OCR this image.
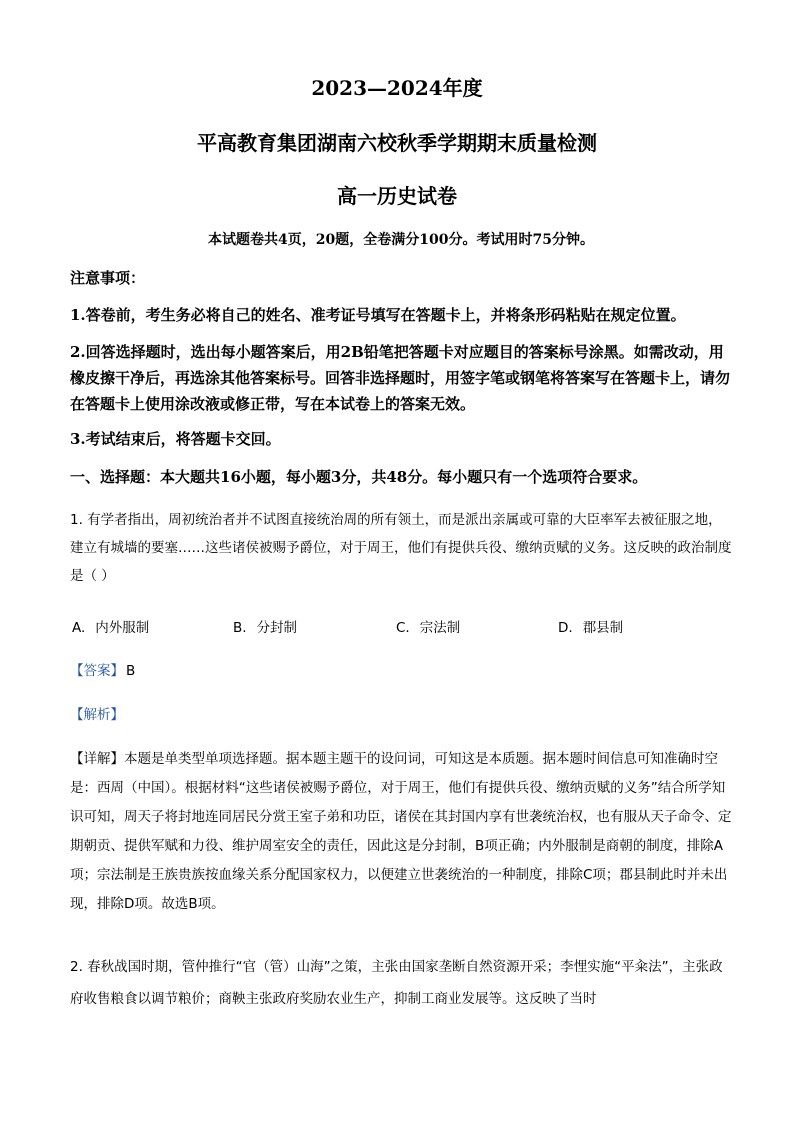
2023—2024年度
平高教育集团湖南六校秋季学期期末质量检测
高一历史试卷

本试题卷共4页，20题，全卷满分100分。考试用时75分钟。

注意事项：

1.答卷前，考生务必将自己的姓名、准考证号填写在答题卡上，并将条形码粘贴在规定位置。

2.回答选择题时，选出每小题答案后，用2B铅笔把答题卡对应题目的答案标号涂黑。如需改动，用橡皮擦干净后，再选涂其他答案标号。回答非选择题时，用签字笔或钢笔将答案写在答题卡上，请勿在答题卡上使用涂改液或修正带，写在本试卷上的答案无效。

3.考试结束后，将答题卡交回。

一、选择题：本大题共16小题，每小题3分，共48分。每小题只有一个选项符合要求。

1. 有学者指出，周初统治者并不试图直接统治周的所有领土，而是派出亲属或可靠的大臣率军去被征服之地，建立有城墙的要塞……这些诸侯被赐予爵位，对于周王，他们有提供兵役、缴纳贡赋的义务。这反映的政治制度是（ ）

A. 内外服制	B. 分封制	C. 宗法制	D. 郡县制

【答案】 B

【解析】

【详解】本题是单类型单项选择题。据本题主题干的设问词，可知这是本质题。据本题时间信息可知准确时空是：西周（中国）。根据材料“这些诸侯被赐予爵位，对于周王，他们有提供兵役、缴纳贡赋的义务”结合所学知识可知，周天子将封地连同居民分赏王室子弟和功臣，诸侯在其封国内享有世袭统治权，也有服从天子命令、定期朝贡、提供军赋和力役、维护周室安全的责任，因此这是分封制，B项正确；内外服制是商朝的制度，排除A项；宗法制是王族贵族按血缘关系分配国家权力，以便建立世袭统治的一种制度，排除C项；郡县制此时并未出现，排除D项。故选B项。

2. 春秋战国时期，管仲推行“官（管）山海”之策，主张由国家垄断自然资源开采；李悝实施“平籴法”，主张政府收售粮食以调节粮价；商鞅主张政府奖励农业生产，抑制工商业发展等。这反映了当时
